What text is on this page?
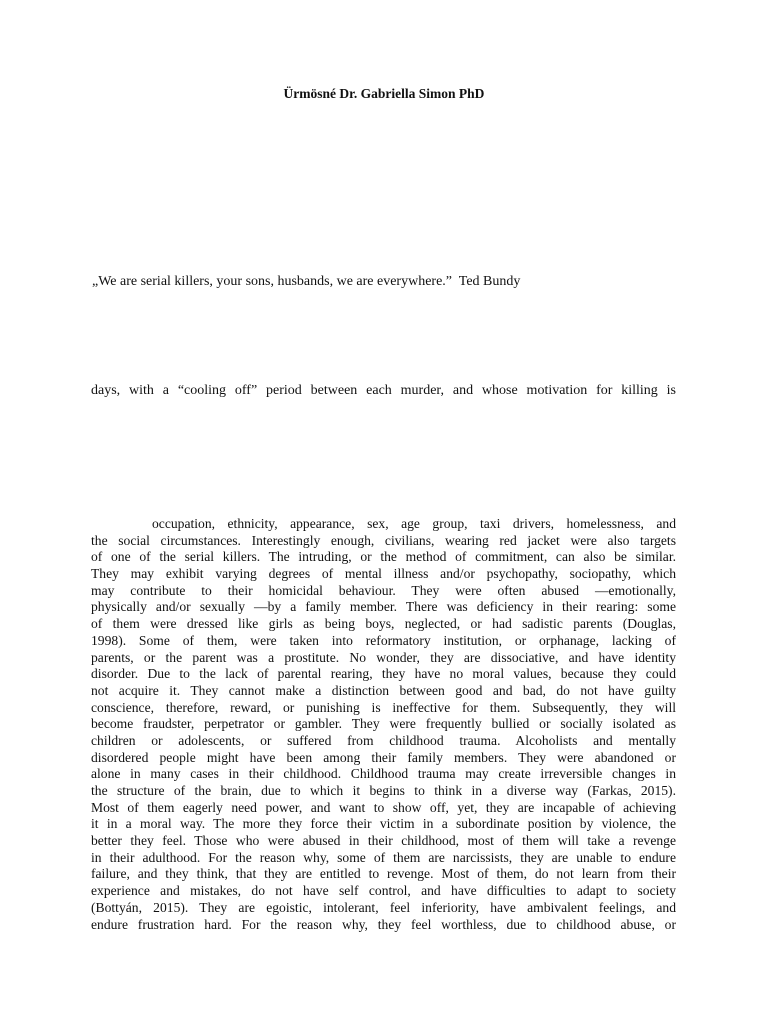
Ürmösné Dr. Gabriella Simon PhD
„We are serial killers, your sons, husbands, we are everywhere.”  Ted Bundy
days, with a “cooling off” period between each murder, and whose motivation for killing is
occupation, ethnicity, appearance, sex, age group, taxi drivers, homelessness, and
the social circumstances. Interestingly enough, civilians, wearing red jacket were also targets
of one of the serial killers. The intruding, or the method of commitment, can also be similar.
They may exhibit varying degrees of mental illness and/or psychopathy, sociopathy, which
may contribute to their homicidal behaviour. They were often abused —emotionally,
physically and/or sexually —by a family member. There was deficiency in their rearing: some
of them were dressed like girls as being boys, neglected, or had sadistic parents (Douglas,
1998). Some of them, were taken into reformatory institution, or orphanage, lacking of
parents, or the parent was a prostitute. No wonder, they are dissociative, and have identity
disorder. Due to the lack of parental rearing, they have no moral values, because they could
not acquire it. They cannot make a distinction between good and bad, do not have guilty
conscience, therefore, reward, or punishing is ineffective for them. Subsequently, they will
become fraudster, perpetrator or gambler. They were frequently bullied or socially isolated as
children or adolescents, or suffered from childhood trauma. Alcoholists and mentally
disordered people might have been among their family members. They were abandoned or
alone in many cases in their childhood. Childhood trauma may create irreversible changes in
the structure of the brain, due to which it begins to think in a diverse way (Farkas, 2015).
Most of them eagerly need power, and want to show off, yet, they are incapable of achieving
it in a moral way. The more they force their victim in a subordinate position by violence, the
better they feel. Those who were abused in their childhood, most of them will take a revenge
in their adulthood. For the reason why, some of them are narcissists, they are unable to endure
failure, and they think, that they are entitled to revenge. Most of them, do not learn from their
experience and mistakes, do not have self control, and have difficulties to adapt to society
(Bottyán, 2015). They are egoistic, intolerant, feel inferiority, have ambivalent feelings, and
endure frustration hard. For the reason why, they feel worthless, due to childhood abuse, or
